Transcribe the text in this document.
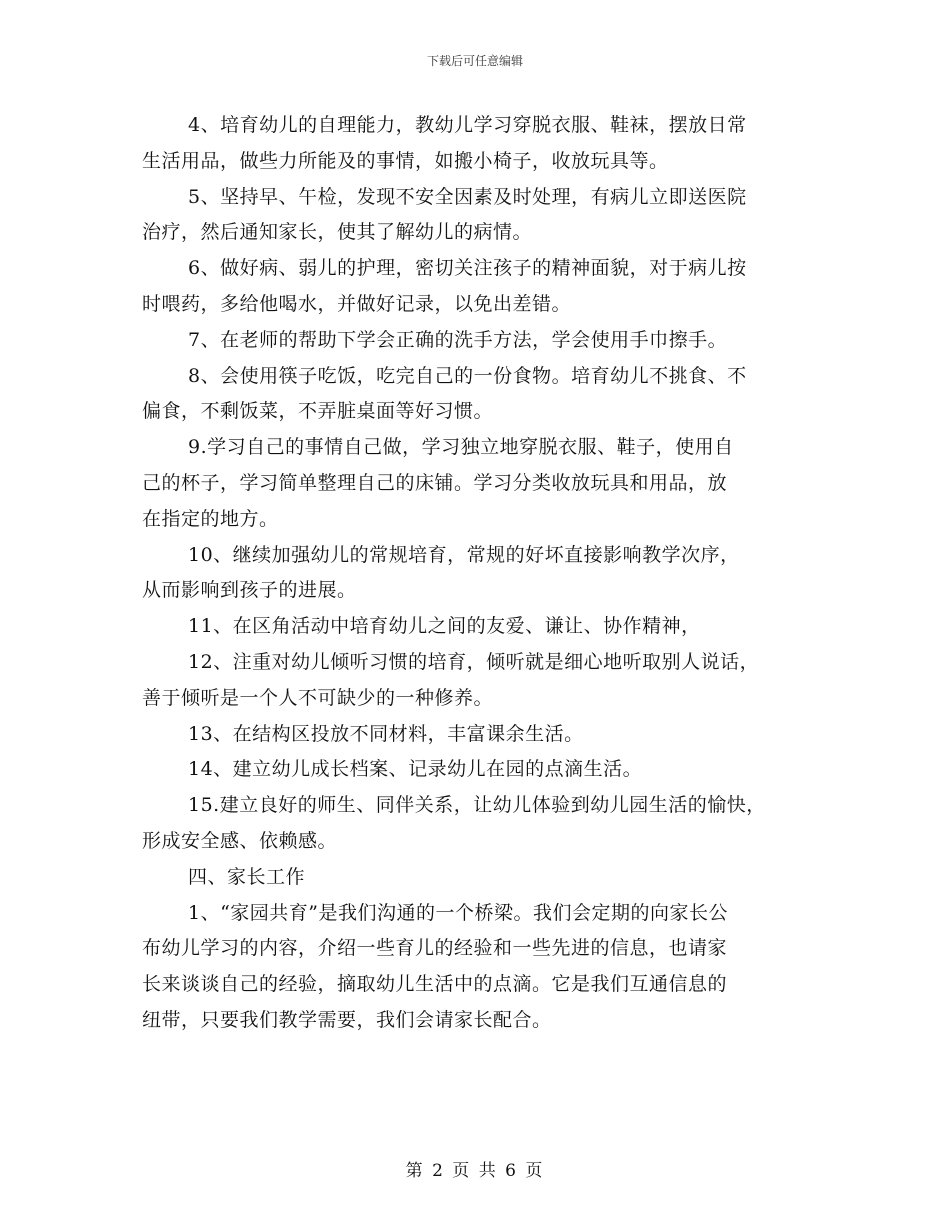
下载后可任意编辑
4、培育幼儿的自理能力，教幼儿学习穿脱衣服、鞋袜，摆放日常
生活用品，做些力所能及的事情，如搬小椅子，收放玩具等。
5、坚持早、午检，发现不安全因素及时处理，有病儿立即送医院
治疗，然后通知家长，使其了解幼儿的病情。
6、做好病、弱儿的护理，密切关注孩子的精神面貌，对于病儿按
时喂药，多给他喝水，并做好记录，以免出差错。
7、在老师的帮助下学会正确的洗手方法，学会使用手巾擦手。
8、会使用筷子吃饭，吃完自己的一份食物。培育幼儿不挑食、不
偏食，不剩饭菜，不弄脏桌面等好习惯。
9.学习自己的事情自己做，学习独立地穿脱衣服、鞋子，使用自
己的杯子，学习简单整理自己的床铺。学习分类收放玩具和用品，放
在指定的地方。
10、继续加强幼儿的常规培育，常规的好坏直接影响教学次序，
从而影响到孩子的进展。
11、在区角活动中培育幼儿之间的友爱、谦让、协作精神，
12、注重对幼儿倾听习惯的培育，倾听就是细心地听取别人说话，
善于倾听是一个人不可缺少的一种修养。
13、在结构区投放不同材料，丰富课余生活。
14、建立幼儿成长档案、记录幼儿在园的点滴生活。
15.建立良好的师生、同伴关系，让幼儿体验到幼儿园生活的愉快，
形成安全感、依赖感。
四、家长工作
1、“家园共育”是我们沟通的一个桥梁。我们会定期的向家长公
布幼儿学习的内容，介绍一些育儿的经验和一些先进的信息，也请家
长来谈谈自己的经验，摘取幼儿生活中的点滴。它是我们互通信息的
纽带，只要我们教学需要，我们会请家长配合。
第 2 页 共 6 页
